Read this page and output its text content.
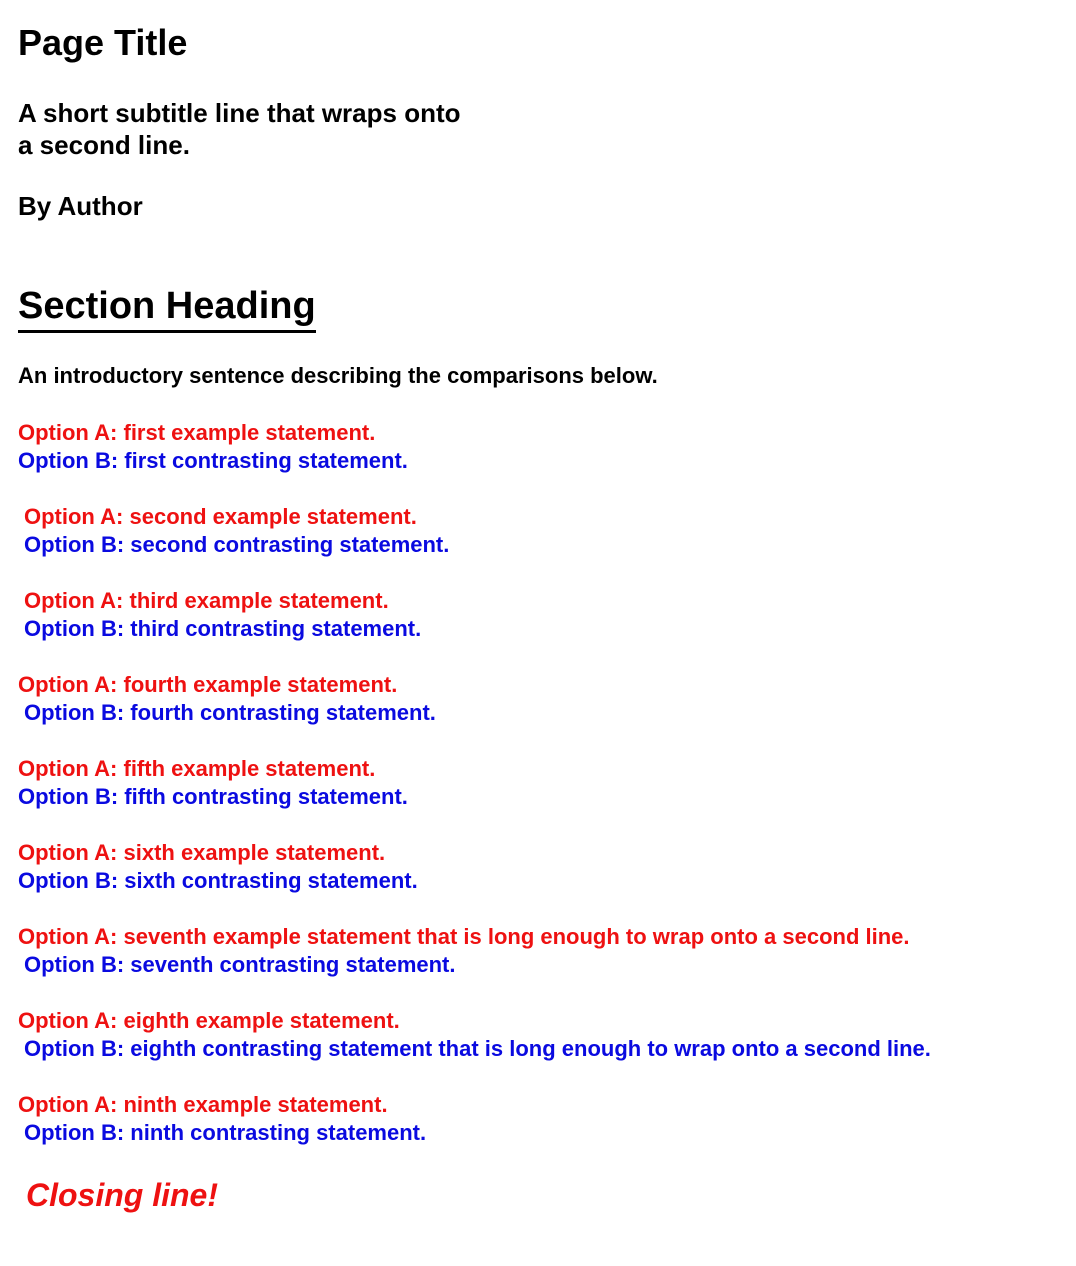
Page Title
A short subtitle line that wraps onto a second line.
By Author
Section Heading
An introductory sentence describing the comparisons below.
Option A: first example statement.
Option B: first contrasting statement.
Option A: second example statement.
Option B: second contrasting statement.
Option A: third example statement.
Option B: third contrasting statement.
Option A: fourth example statement.
Option B: fourth contrasting statement.
Option A: fifth example statement.
Option B: fifth contrasting statement.
Option A: sixth example statement.
Option B: sixth contrasting statement.
Option A: seventh example statement that is long enough to wrap onto a second line.
Option B: seventh contrasting statement.
Option A: eighth example statement.
Option B: eighth contrasting statement that is long enough to wrap onto a second line.
Option A: ninth example statement.
Option B: ninth contrasting statement.
Closing line!
